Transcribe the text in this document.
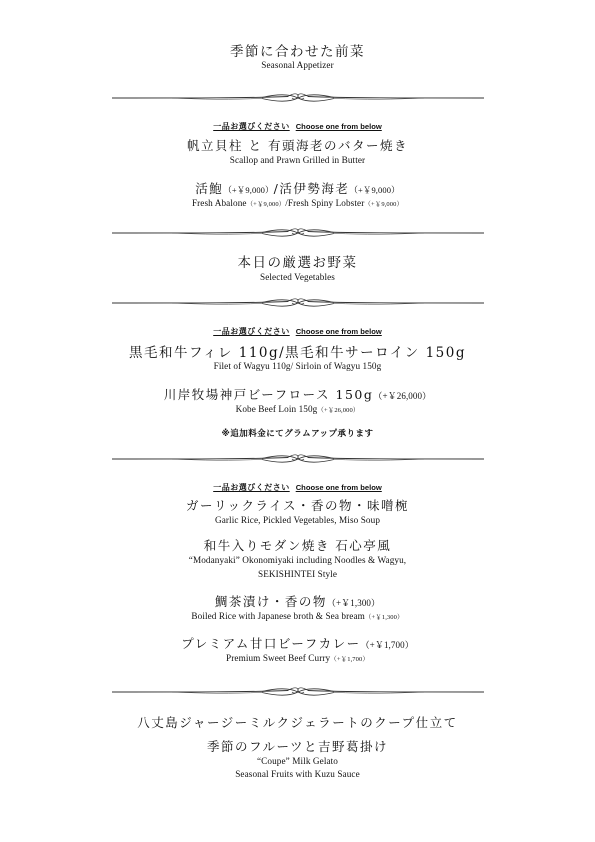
季節に合わせた前菜
Seasonal Appetizer
一品お選びください Choose one from below
帆立貝柱 と 有頭海老のバター焼き
Scallop and Prawn Grilled in Butter
活鮑（+￥9,000）/活伊勢海老（+￥9,000）
Fresh Abalone（+￥9,000）/Fresh Spiny Lobster（+￥9,000）
本日の厳選お野菜
Selected Vegetables
一品お選びください Choose one from below
黒毛和牛フィレ 110g/黒毛和牛サーロイン 150g
Filet of Wagyu 110g/ Sirloin of Wagyu 150g
川岸牧場神戸ビーフロース 150g（+￥26,000）
Kobe Beef Loin 150g（+￥26,000）
※追加料金にてグラムアップ承ります
一品お選びください Choose one from below
ガーリックライス・香の物・味噌椀
Garlic Rice, Pickled Vegetables, Miso Soup
和牛入りモダン焼き 石心亭風
“Modanyaki” Okonomiyaki including Noodles & Wagyu,
SEKISHINTEI Style
鯛茶漬け・香の物（+￥1,300）
Boiled Rice with Japanese broth & Sea bream（+￥1,300）
プレミアム甘口ビーフカレー（+￥1,700）
Premium Sweet Beef Curry（+￥1,700）
八丈島ジャージーミルクジェラートのクープ仕立て
季節のフルーツと吉野葛掛け
“Coupe” Milk Gelato
Seasonal Fruits with Kuzu Sauce
